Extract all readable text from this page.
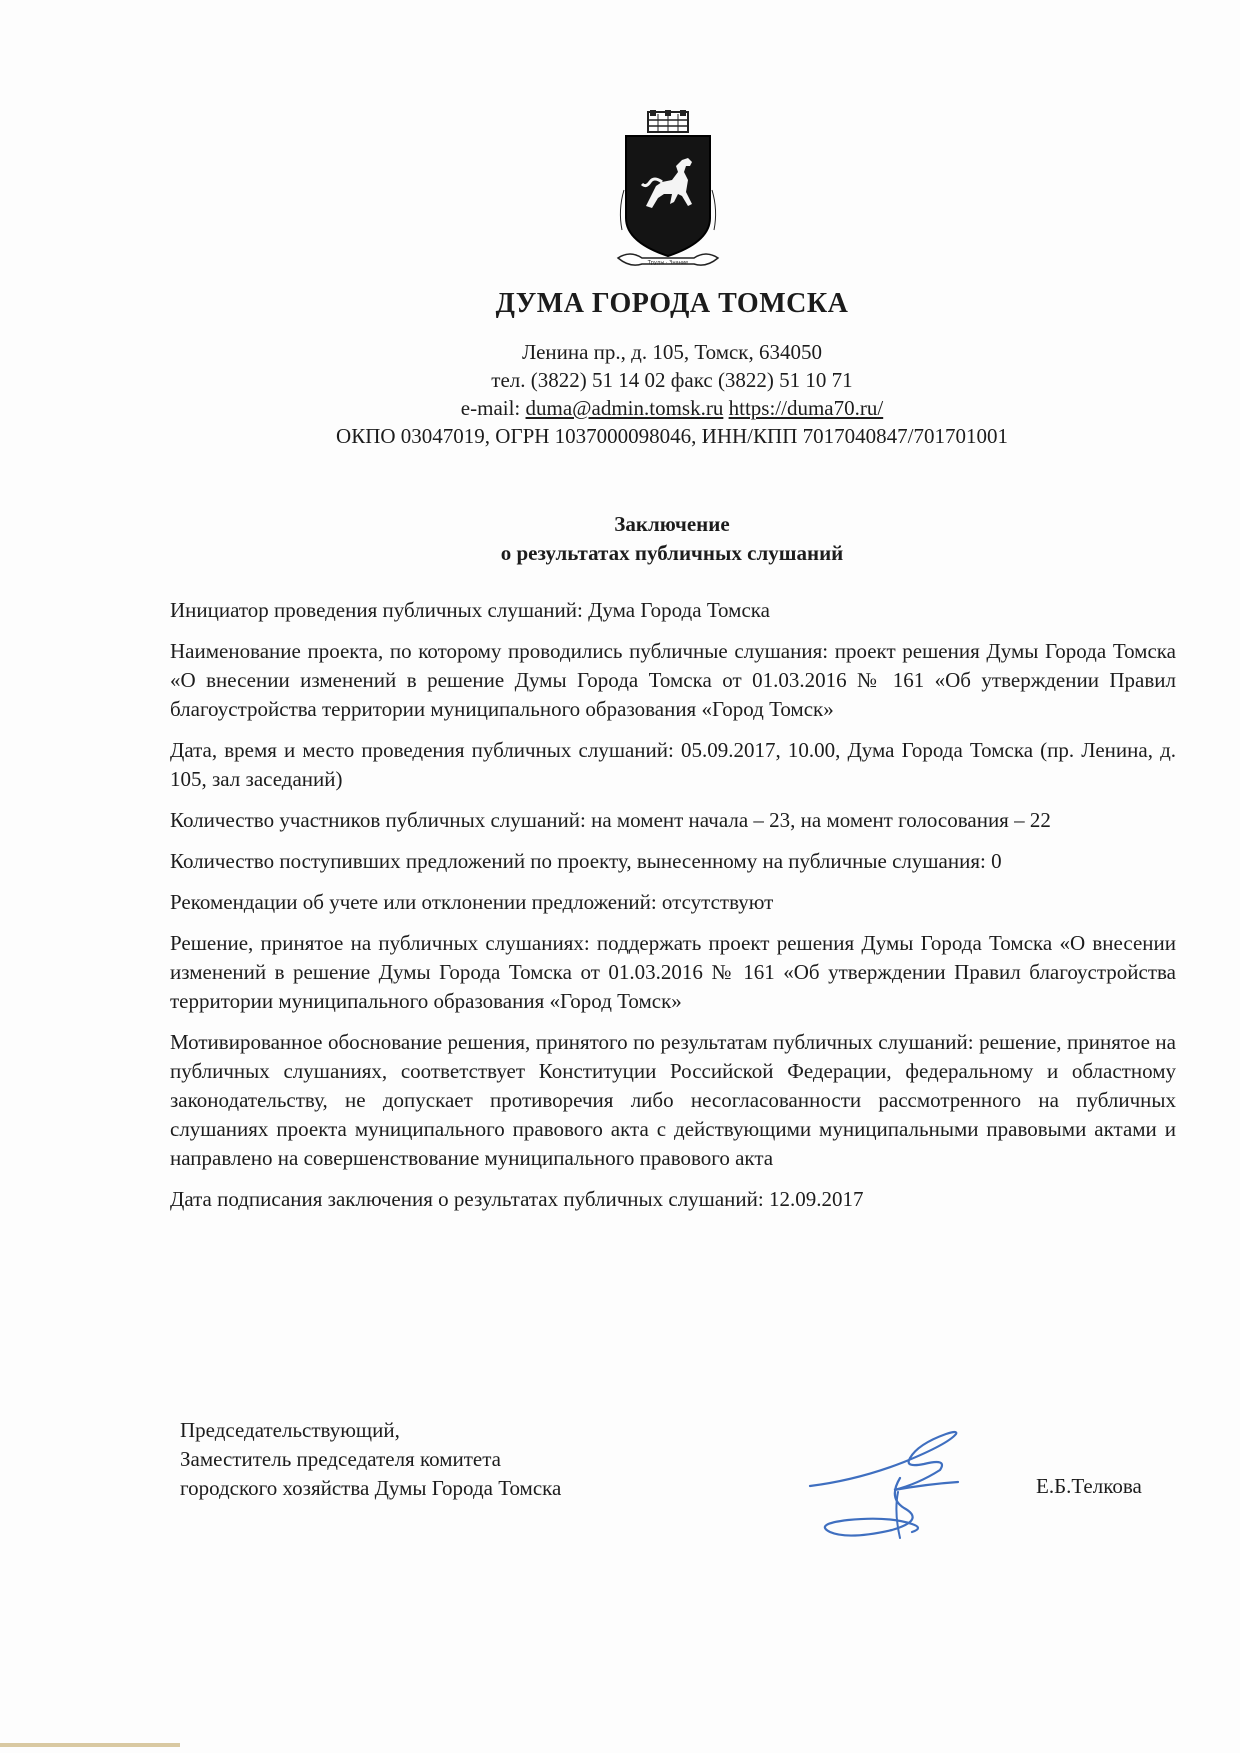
Труды · Знание
ДУМА ГОРОДА ТОМСКА
Ленина пр., д. 105, Томск, 634050
тел. (3822) 51 14 02 факс (3822) 51 10 71
e-mail: duma@admin.tomsk.ru https://duma70.ru/
ОКПО 03047019, ОГРН 1037000098046, ИНН/КПП 7017040847/701701001
Заключение
о результатах публичных слушаний

Инициатор проведения публичных слушаний: Дума Города Томска

Наименование проекта, по которому проводились публичные слушания: проект решения Думы Города Томска «О внесении изменений в решение Думы Города Томска от 01.03.2016 № 161 «Об утверждении Правил благоустройства территории муниципального образования «Город Томск»

Дата, время и место проведения публичных слушаний: 05.09.2017, 10.00, Дума Города Томска (пр. Ленина, д. 105, зал заседаний)

Количество участников публичных слушаний: на момент начала – 23, на момент голосования – 22

Количество поступивших предложений по проекту, вынесенному на публичные слушания: 0

Рекомендации об учете или отклонении предложений: отсутствуют

Решение, принятое на публичных слушаниях: поддержать проект решения Думы Города Томска «О внесении изменений в решение Думы Города Томска от 01.03.2016 № 161 «Об утверждении Правил благоустройства территории муниципального образования «Город Томск»

Мотивированное обоснование решения, принятого по результатам публичных слушаний: решение, принятое на публичных слушаниях, соответствует Конституции Российской Федерации, федеральному и областному законодательству, не допускает противоречия либо несогласованности рассмотренного на публичных слушаниях проекта муниципального правового акта с действующими муниципальными правовыми актами и направлено на совершенствование муниципального правового акта

Дата подписания заключения о результатах публичных слушаний: 12.09.2017

Председательствующий,
Заместитель председателя комитета
городского хозяйства Думы Города Томска	Е.Б.Телкова
